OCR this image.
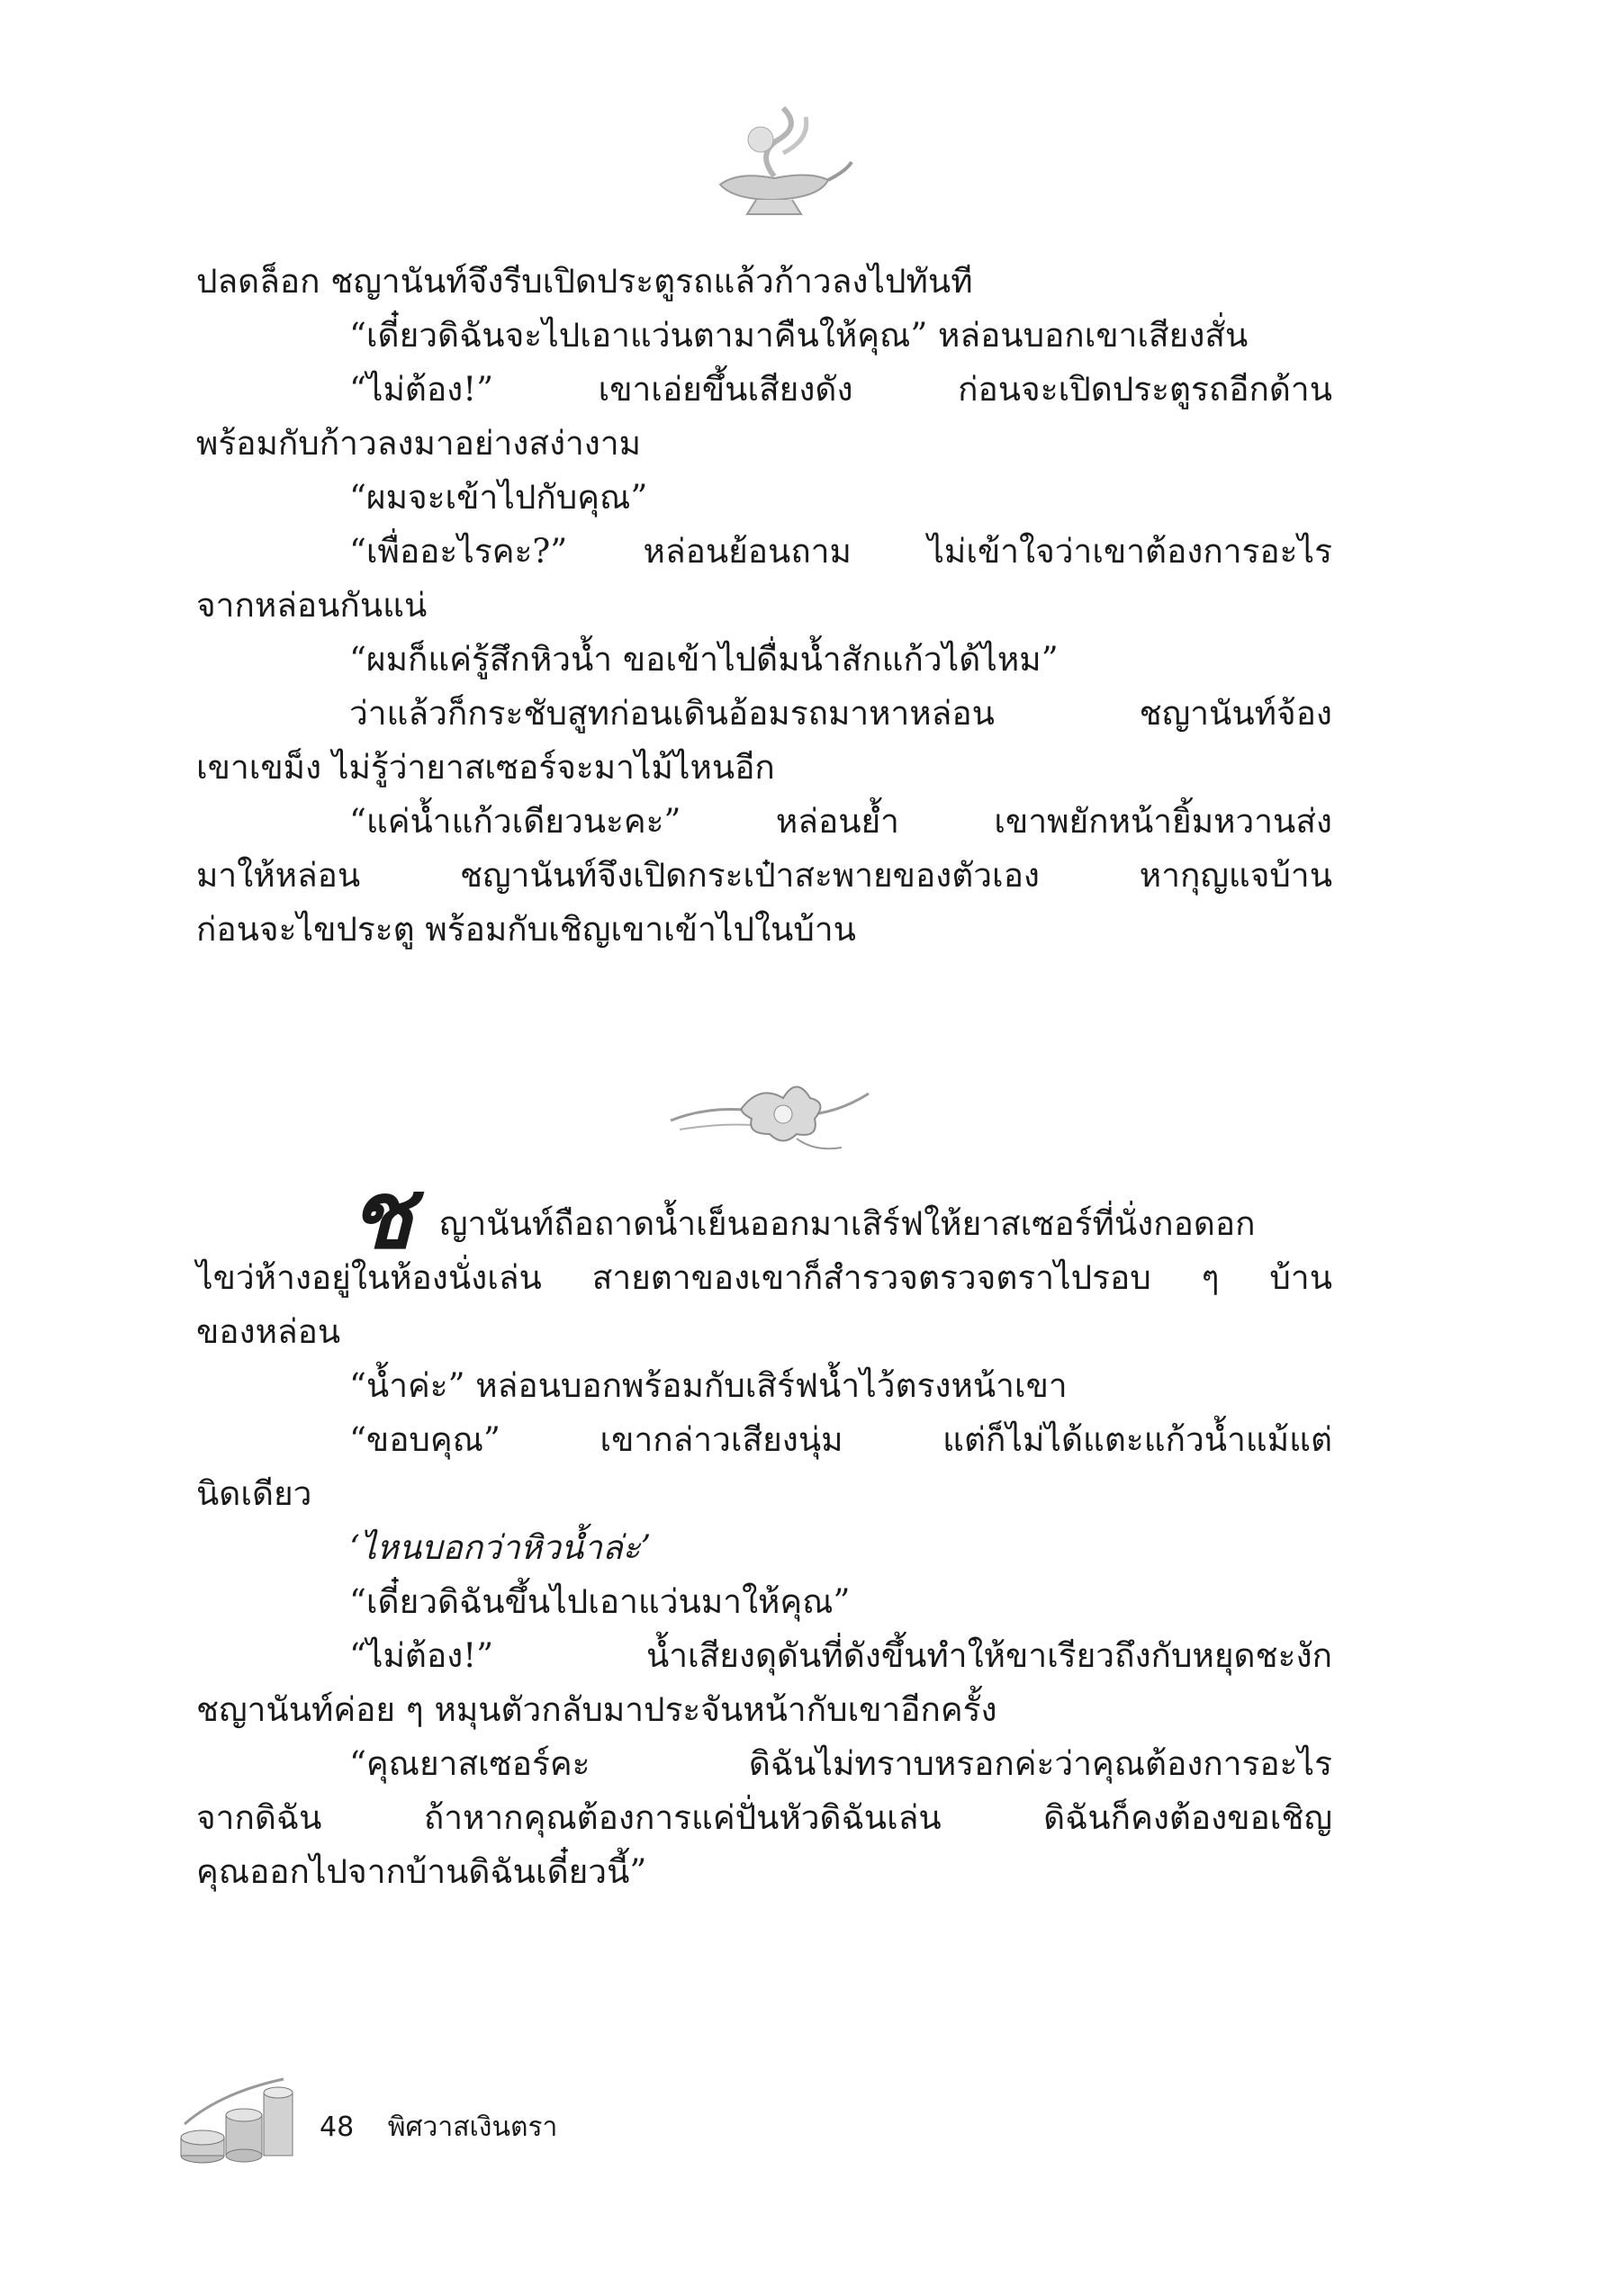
ปลดล็อก ชญานันท์จึงรีบเปิดประตูรถแล้วก้าวลงไปทันที
“เดี๋ยวดิฉันจะไปเอาแว่นตามาคืนให้คุณ” หล่อนบอกเขาเสียงสั่น
“ไม่ต้อง!” เขาเอ่ยขึ้นเสียงดัง ก่อนจะเปิดประตูรถอีกด้าน
พร้อมกับก้าวลงมาอย่างสง่างาม
“ผมจะเข้าไปกับคุณ”
“เพื่ออะไรคะ?” หล่อนย้อนถาม ไม่เข้าใจว่าเขาต้องการอะไร
จากหล่อนกันแน่
“ผมก็แค่รู้สึกหิวน้ำ ขอเข้าไปดื่มน้ำสักแก้วได้ไหม”
ว่าแล้วก็กระชับสูทก่อนเดินอ้อมรถมาหาหล่อน ชญานันท์จ้อง
เขาเขม็ง ไม่รู้ว่ายาสเซอร์จะมาไม้ไหนอีก
“แค่น้ำแก้วเดียวนะคะ” หล่อนย้ำ เขาพยักหน้ายิ้มหวานส่ง
มาให้หล่อน ชญานันท์จึงเปิดกระเป๋าสะพายของตัวเอง หากุญแจบ้าน
ก่อนจะไขประตู พร้อมกับเชิญเขาเข้าไปในบ้าน
ช ญานันท์ถือถาดน้ำเย็นออกมาเสิร์ฟให้ยาสเซอร์ที่นั่งกอดอก
ไขว่ห้างอยู่ในห้องนั่งเล่น สายตาของเขาก็สำรวจตรวจตราไปรอบ ๆ บ้าน
ของหล่อน
“น้ำค่ะ” หล่อนบอกพร้อมกับเสิร์ฟน้ำไว้ตรงหน้าเขา
“ขอบคุณ” เขากล่าวเสียงนุ่ม แต่ก็ไม่ได้แตะแก้วน้ำแม้แต่
นิดเดียว
‘ไหนบอกว่าหิวน้ำล่ะ’
“เดี๋ยวดิฉันขึ้นไปเอาแว่นมาให้คุณ”
“ไม่ต้อง!” น้ำเสียงดุดันที่ดังขึ้นทำให้ขาเรียวถึงกับหยุดชะงัก
ชญานันท์ค่อย ๆ หมุนตัวกลับมาประจันหน้ากับเขาอีกครั้ง
“คุณยาสเซอร์คะ ดิฉันไม่ทราบหรอกค่ะว่าคุณต้องการอะไร
จากดิฉัน ถ้าหากคุณต้องการแค่ปั่นหัวดิฉันเล่น ดิฉันก็คงต้องขอเชิญ
คุณออกไปจากบ้านดิฉันเดี๋ยวนี้”
48 พิศวาสเงินตรา
